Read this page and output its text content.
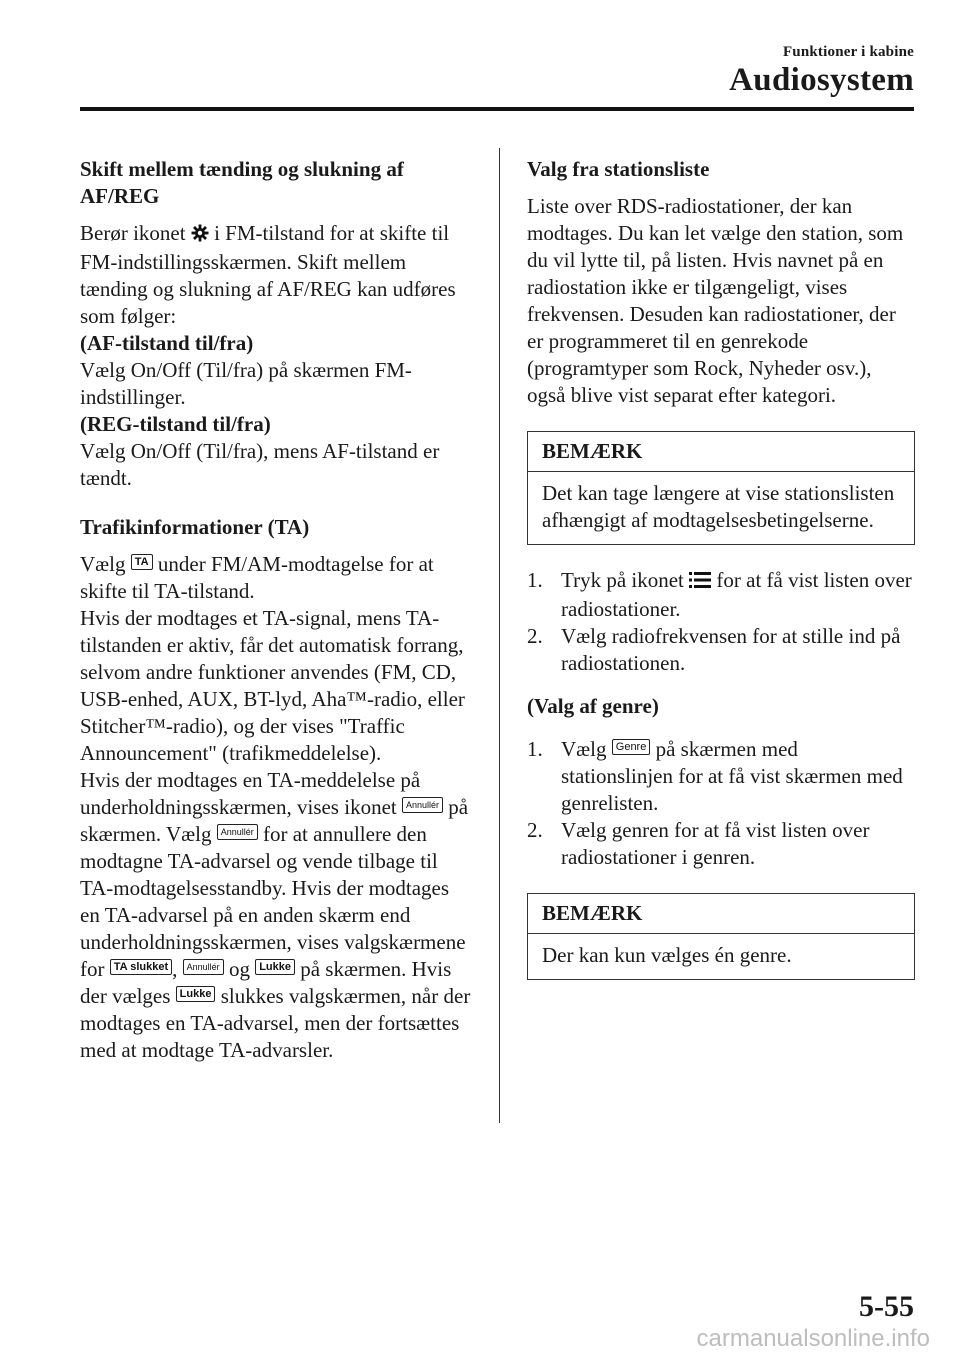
Funktioner i kabine
Audiosystem
Skift mellem tænding og slukning af AF/REG

Berør ikonet  i FM-tilstand for at skifte til FM-indstillingsskærmen. Skift mellem tænding og slukning af AF/REG kan udføres som følger:

(AF-tilstand til/fra)

Vælg On/Off (Til/fra) på skærmen FM-indstillinger.

(REG-tilstand til/fra)

Vælg On/Off (Til/fra), mens AF-tilstand er tændt.

Trafikinformationer (TA)

Vælg TA under FM/AM-modtagelse for at skifte til TA-tilstand.

Hvis der modtages et TA-signal, mens TA-tilstanden er aktiv, får det automatisk forrang, selvom andre funktioner anvendes (FM, CD, USB-enhed, AUX, BT-lyd, Aha™-radio, eller Stitcher™-radio), og der vises "Traffic Announcement" (trafikmeddelelse).

Hvis der modtages en TA-meddelelse på underholdningsskærmen, vises ikonet Annullér på skærmen. Vælg Annullér for at annullere den modtagne TA-advarsel og vende tilbage til TA-modtagelsesstandby. Hvis der modtages en TA-advarsel på en anden skærm end underholdningsskærmen, vises valgskærmene for TA slukket , Annullér og Lukke på skærmen. Hvis der vælges Lukke slukkes valgskærmen, når der modtages en TA-advarsel, men der fortsættes med at modtage TA-advarsler.

Valg fra stationsliste

Liste over RDS-radiostationer, der kan modtages. Du kan let vælge den station, som du vil lytte til, på listen. Hvis navnet på en radiostation ikke er tilgængeligt, vises frekvensen. Desuden kan radiostationer, der er programmeret til en genrekode (programtyper som Rock, Nyheder osv.), også blive vist separat efter kategori.

BEMÆRK
Det kan tage længere at vise stationslisten afhængigt af modtagelsesbetingelserne.
1. Tryk på ikonet  for at få vist listen over radiostationer.
2. Vælg radiofrekvensen for at stille ind på radiostationen.

(Valg af genre)

1. Vælg Genre på skærmen med stationslinjen for at få vist skærmen med genrelisten.
2. Vælg genren for at få vist listen over radiostationer i genren.
BEMÆRK
Der kan kun vælges én genre.
5-55
carmanualsonline.info
